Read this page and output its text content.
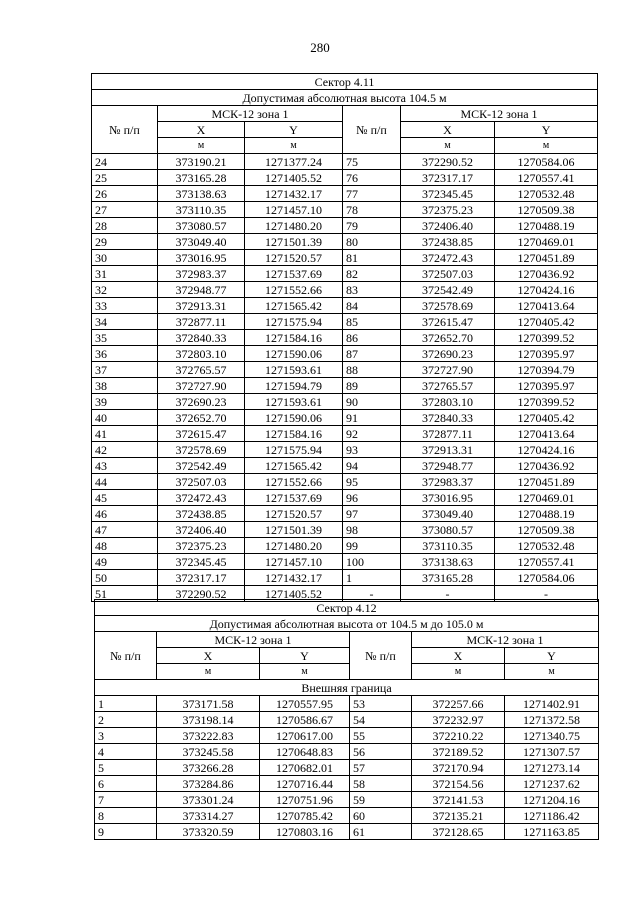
280
Сектор 4.11					
Допустимая абсолютная высота 104.5 м					
№ п/п	МСК-12 зона 1		№ п/п	МСК-12 зона 1	
	X	Y		X	Y
	м	м		м	м
24	373190.21	1271377.24	75	372290.52	1270584.06
25	373165.28	1271405.52	76	372317.17	1270557.41
26	373138.63	1271432.17	77	372345.45	1270532.48
27	373110.35	1271457.10	78	372375.23	1270509.38
28	373080.57	1271480.20	79	372406.40	1270488.19
29	373049.40	1271501.39	80	372438.85	1270469.01
30	373016.95	1271520.57	81	372472.43	1270451.89
31	372983.37	1271537.69	82	372507.03	1270436.92
32	372948.77	1271552.66	83	372542.49	1270424.16
33	372913.31	1271565.42	84	372578.69	1270413.64
34	372877.11	1271575.94	85	372615.47	1270405.42
35	372840.33	1271584.16	86	372652.70	1270399.52
36	372803.10	1271590.06	87	372690.23	1270395.97
37	372765.57	1271593.61	88	372727.90	1270394.79
38	372727.90	1271594.79	89	372765.57	1270395.97
39	372690.23	1271593.61	90	372803.10	1270399.52
40	372652.70	1271590.06	91	372840.33	1270405.42
41	372615.47	1271584.16	92	372877.11	1270413.64
42	372578.69	1271575.94	93	372913.31	1270424.16
43	372542.49	1271565.42	94	372948.77	1270436.92
44	372507.03	1271552.66	95	372983.37	1270451.89
45	372472.43	1271537.69	96	373016.95	1270469.01
46	372438.85	1271520.57	97	373049.40	1270488.19
47	372406.40	1271501.39	98	373080.57	1270509.38
48	372375.23	1271480.20	99	373110.35	1270532.48
49	372345.45	1271457.10	100	373138.63	1270557.41
50	372317.17	1271432.17	1	373165.28	1270584.06
51	372290.52	1271405.52	-	-	-
Сектор 4.12					
Допустимая абсолютная высота от 104.5 м до 105.0 м					
№ п/п	МСК-12 зона 1		№ п/п	МСК-12 зона 1	
	X	Y		X	Y
	м	м		м	м
Внешняя граница					
1	373171.58	1270557.95	53	372257.66	1271402.91
2	373198.14	1270586.67	54	372232.97	1271372.58
3	373222.83	1270617.00	55	372210.22	1271340.75
4	373245.58	1270648.83	56	372189.52	1271307.57
5	373266.28	1270682.01	57	372170.94	1271273.14
6	373284.86	1270716.44	58	372154.56	1271237.62
7	373301.24	1270751.96	59	372141.53	1271204.16
8	373314.27	1270785.42	60	372135.21	1271186.42
9	373320.59	1270803.16	61	372128.65	1271163.85
